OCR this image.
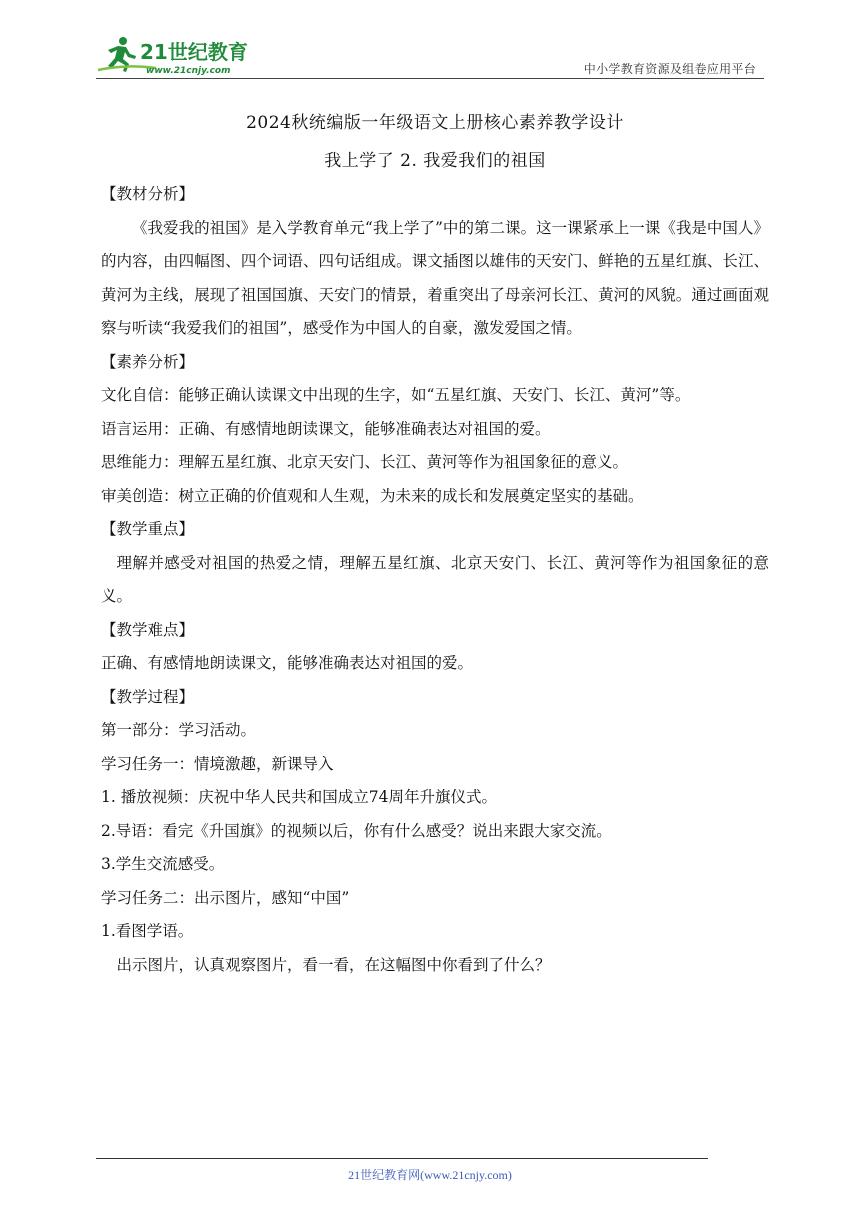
21世纪教育
www.21cnjy.com	中小学教育资源及组卷应用平台
2024秋统编版一年级语文上册核心素养教学设计
我上学了 2. 我爱我们的祖国

【教材分析】

《我爱我的祖国》是入学教育单元“我上学了”中的第二课。这一课紧承上一课《我是中国人》的内容，由四幅图、四个词语、四句话组成。课文插图以雄伟的天安门、鲜艳的五星红旗、长江、黄河为主线，展现了祖国国旗、天安门的情景，着重突出了母亲河长江、黄河的风貌。通过画面观察与听读“我爱我们的祖国”，感受作为中国人的自豪，激发爱国之情。

【素养分析】

文化自信：能够正确认读课文中出现的生字，如“五星红旗、天安门、长江、黄河”等。

语言运用：正确、有感情地朗读课文，能够准确表达对祖国的爱。

思维能力：理解五星红旗、北京天安门、长江、黄河等作为祖国象征的意义。

审美创造：树立正确的价值观和人生观，为未来的成长和发展奠定坚实的基础。

【教学重点】

理解并感受对祖国的热爱之情，理解五星红旗、北京天安门、长江、黄河等作为祖国象征的意义。

【教学难点】

正确、有感情地朗读课文，能够准确表达对祖国的爱。

【教学过程】

第一部分：学习活动。

学习任务一：情境激趣，新课导入

1. 播放视频：庆祝中华人民共和国成立74周年升旗仪式。

2.导语：看完《升国旗》的视频以后，你有什么感受？说出来跟大家交流。

3.学生交流感受。

学习任务二：出示图片，感知“中国”

1.看图学语。

出示图片，认真观察图片，看一看，在这幅图中你看到了什么？

21世纪教育网(www.21cnjy.com)
